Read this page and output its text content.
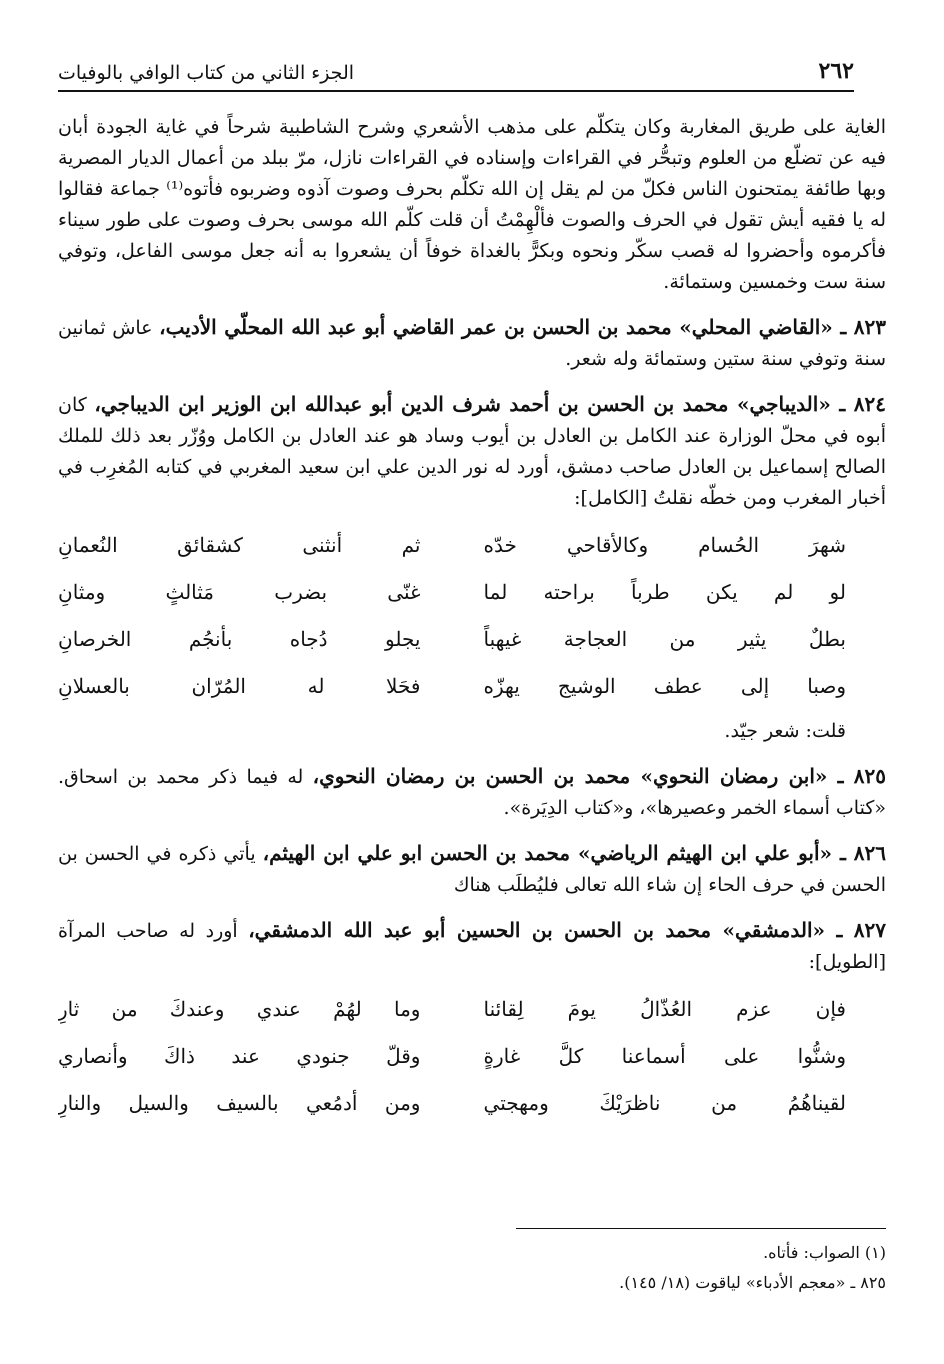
٢٦٢
الجزء الثاني من كتاب الوافي بالوفيات

الغاية على طريق المغاربة وكان يتكلّم على مذهب الأشعري وشرح الشاطبية شرحاً في غاية الجودة أبان فيه عن تضلّع من العلوم وتبحُّر في القراءات وإسناده في القراءات نازل، مرّ ببلد من أعمال الديار المصرية وبها طائفة يمتحنون الناس فكلّ من لم يقل إن الله تكلّم بحرف وصوت آذوه وضربوه فأتوه⁽¹⁾ جماعة فقالوا له يا فقيه أيش تقول في الحرف والصوت فألْهِمْتُ أن قلت كلّم الله موسى بحرف وصوت على طور سيناء فأكرموه وأحضروا له قصب سكّر ونحوه وبكرًّ بالغداة خوفاً أن يشعروا به أنه جعل موسى الفاعل، وتوفي سنة ست وخمسين وستمائة.

٨٢٣ ـ «القاضي المحلي» محمد بن الحسن بن عمر القاضي أبو عبد الله المحلّي الأديب، عاش ثمانين سنة وتوفي سنة ستين وستمائة وله شعر.

٨٢٤ ـ «الديباجي» محمد بن الحسن بن أحمد شرف الدين أبو عبدالله ابن الوزير ابن الديباجي، كان أبوه في محلّ الوزارة عند الكامل بن العادل بن أيوب وساد هو عند العادل بن الكامل ووُزّر بعد ذلك للملك الصالح إسماعيل بن العادل صاحب دمشق، أورد له نور الدين علي ابن سعيد المغربي في كتابه المُغرِب في أخبار المغرب ومن خطّه نقلتُ [الكامل]:

شهرَ الحُسام وكالأقاحي خدّه
ثم أنثنى كشقائق النُعمانِ
لو لم يكن طرباً براحته لما
غنّى بضرب مَثالثٍ ومثانِ
بطلٌ يثير من العجاجة غيهباً
يجلو دُجاه بأنجُم الخرصانِ
وصبا إلى عطف الوشيج يهزّه
فحَلا له المُرّان بالعسلانِ

قلت: شعر جيّد.

٨٢٥ ـ «ابن رمضان النحوي» محمد بن الحسن بن رمضان النحوي، له فيما ذكر محمد بن اسحاق. «كتاب أسماء الخمر وعصيرها»، و«كتاب الدِيَرة».

٨٢٦ ـ «أبو علي ابن الهيثم الرياضي» محمد بن الحسن ابو علي ابن الهيثم، يأتي ذكره في الحسن بن الحسن في حرف الحاء إن شاء الله تعالى فليُطلَب هناك

٨٢٧ ـ «الدمشقي» محمد بن الحسن بن الحسين أبو عبد الله الدمشقي، أورد له صاحب المرآة [الطويل]:

فإن عزم العُذّالُ يومَ لِقائنا
وما لهُمْ عندي وعندكَ من ثارِ
وشنُّوا على أسماعنا كلَّ غارةٍ
وقلّ جنودي عند ذاكَ وأنصاري
لقيناهُمُ من ناظرَيْكَ ومهجتي
ومن أدمُعي بالسيف والسيل والنارِ
(١) الصواب: فأتاه.
٨٢٥ ـ «معجم الأدباء» لياقوت (١٨/ ١٤٥).
